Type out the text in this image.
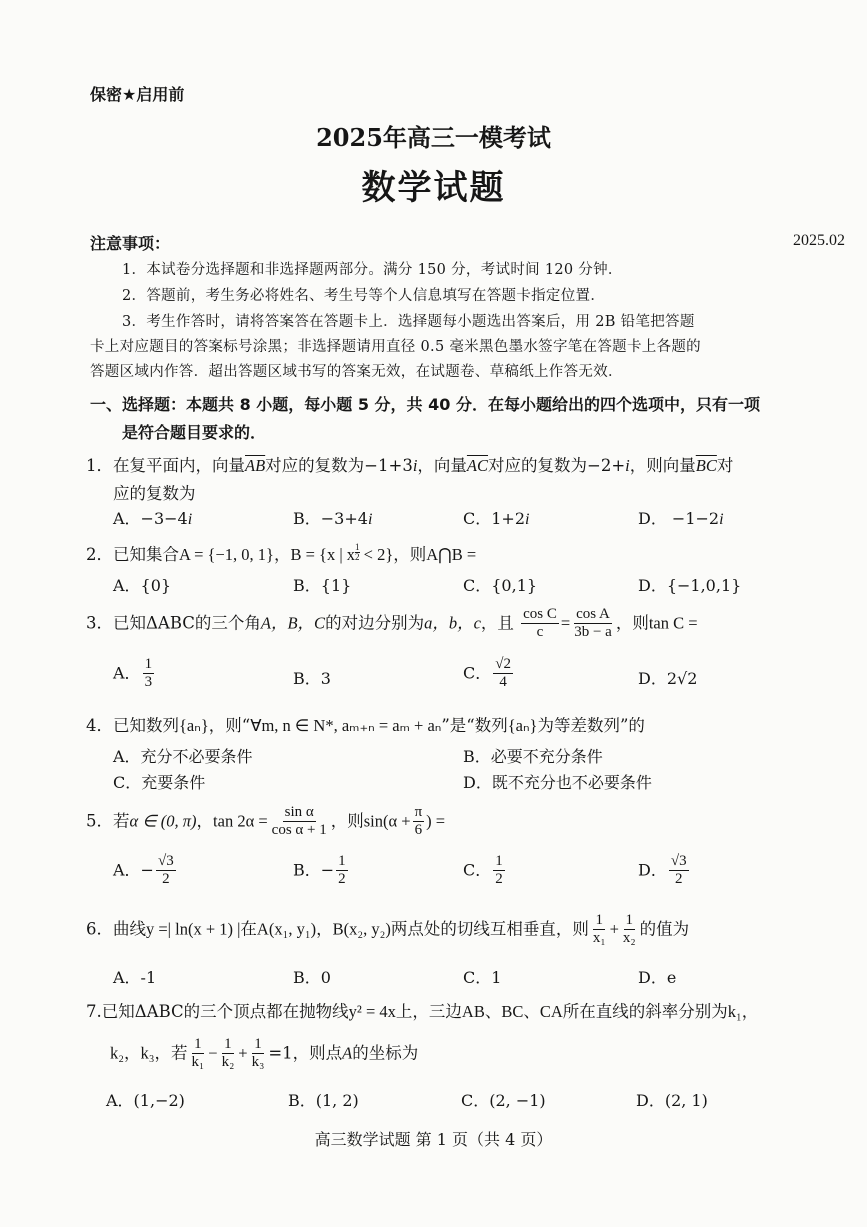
保密★启用前
2025年高三一模考试
数学试题
2025.02
注意事项：
1．本试卷分选择题和非选择题两部分。满分 150 分，考试时间 120 分钟．
2．答题前，考生务必将姓名、考生号等个人信息填写在答题卡指定位置．
3．考生作答时，请将答案答在答题卡上．选择题每小题选出答案后，用 2B 铅笔把答题
卡上对应题目的答案标号涂黑；非选择题请用直径 0.5 毫米黑色墨水签字笔在答题卡上各题的
答题区域内作答．超出答题区域书写的答案无效，在试题卷、草稿纸上作答无效．
一、选择题：本题共 8 小题，每小题 5 分，共 40 分．在每小题给出的四个选项中，只有一项
是符合题目要求的．
1．在复平面内，向量$\overline{AB}$对应的复数为−1+3i，向量$\overline{AC}$对应的复数为−2+i，则向量$\overline{BC}$对
应的复数为
A．−3−4i	B．−3+4i	C．1+2i	D． −1−2i
2．已知集合A = {−1, 0, 1}，B = {x | x $^{\frac{1}{2}}$ < 2}，则A⋂B =
A．{0}	B．{1}	C．{0,1}	D．{−1,0,1}
3．已知ΔABC的三个角A，B，C的对边分别为a，b，c，且 $\frac{\text{cos C}}{c} = \frac{\text{cos A}}{3b - a}$ ，则tan C =
A． $\frac{1}{3}$	B．3	C． $\frac{√2}{4}$	D．2√2
4．已知数列{aₙ}，则“∀m, n ∈ N*, aₘ₊ₙ = aₘ + aₙ”是“数列{aₙ}为等差数列”的
A．充分不必要条件	B．必要不充分条件
C．充要条件	D．既不充分也不必要条件
5．若α ∈ (0, π)，$\tan 2\alpha = \frac{\text{sin α}}{\text{cos α + 1}}$ ，则$\sin(\alpha + \frac{\pi}{6}$ ) =
A．− $\frac{√3}{2}$	B．− $\frac{1}{2}$	C． $\frac{1}{2}$	D． $\frac{√3}{2}$
6．曲线y =| ln(x + 1) |在A(x₁, y₁)，B(x₂, y₂)两点处的切线互相垂直，则 $\frac{1}{\text{x₁}} + \frac{1}{\text{x₂}}$ 的值为
A．-1	B．0	C．1	D．e
7.已知ΔABC的三个顶点都在抛物线y² = 4x上，三边AB、BC、CA所在直线的斜率分别为k₁，
k₂，k₃，若 $\frac{1}{\text{k₁}} - \frac{1}{\text{k₂}} + \frac{1}{\text{k₃}} =1$，则点A的坐标为
A．(1,−2)	B．(1, 2)	C．(2, −1)	D．(2, 1)
高三数学试题 第 1 页（共 4 页）
